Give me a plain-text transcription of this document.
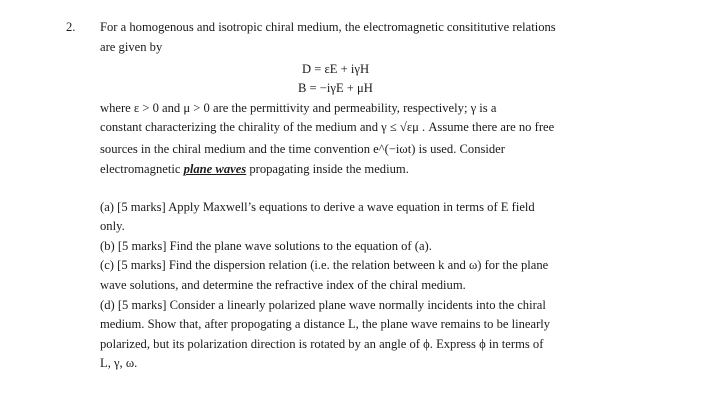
2. For a homogenous and isotropic chiral medium, the electromagnetic consititutive relations
are given by
D = εE + iγH
B = −iγE + μH
where ε > 0 and μ > 0 are the permittivity and permeability, respectively; γ is a
constant characterizing the chirality of the medium and γ ≤ √εμ . Assume there are no free
sources in the chiral medium and the time convention e^(−iωt) is used. Consider
electromagnetic plane waves propagating inside the medium.
(a) [5 marks] Apply Maxwell’s equations to derive a wave equation in terms of E field
only.
(b) [5 marks] Find the plane wave solutions to the equation of (a).
(c) [5 marks] Find the dispersion relation (i.e. the relation between k and ω) for the plane
wave solutions, and determine the refractive index of the chiral medium.
(d) [5 marks] Consider a linearly polarized plane wave normally incidents into the chiral
medium. Show that, after propogating a distance L, the plane wave remains to be linearly
polarized, but its polarization direction is rotated by an angle of ϕ. Express ϕ in terms of
L, γ, ω.
